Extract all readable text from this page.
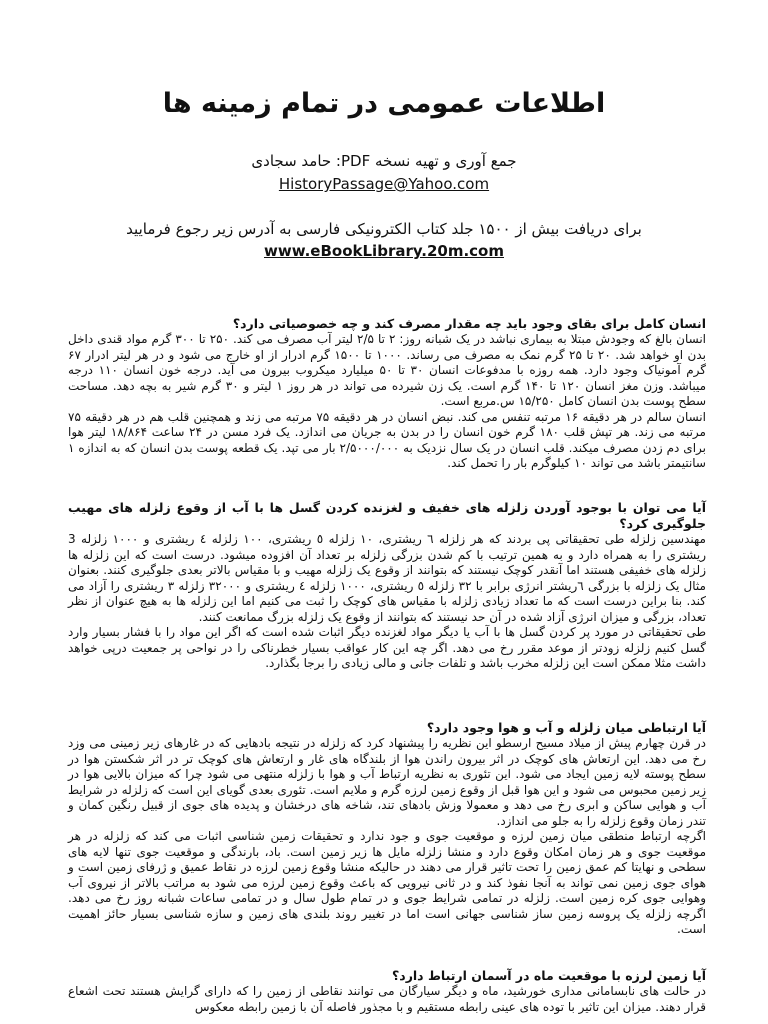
اطلاعات عمومی در تمام زمینه ها
جمع آوری و تهیه نسخه PDF: حامد سجادی
HistoryPassage@Yahoo.com
برای دریافت بیش از ۱۵۰۰ جلد کتاب الکترونیکی فارسی به آدرس زیر رجوع فرمایید
www.eBookLibrary.20m.com

انسان کامل برای بقای وجود باید چه مقدار مصرف کند و چه خصوصیاتی دارد؟

انسان بالغ که وجودش مبتلا به بیماری نباشد در یک شبانه روز: ۲ تا ۲/۵ لیتر آب مصرف می کند. ۲۵۰ تا ۳۰۰ گرم مواد قندی داخل بدن او خواهد شد. ۲۰ تا ۲۵ گرم نمک به مصرف می رساند. ۱۰۰۰ تا ۱۵۰۰ گرم ادرار از او خارج می شود و در هر لیتر ادرار ۶۷ گرم آمونیاک وجود دارد. همه روزه با مدفوعات انسان ۳۰ تا ۵۰ میلیارد میکروب بیرون می آید. درجه خون انسان ۱۱۰ درجه میباشد. وزن مغز انسان ۱۲۰ تا ۱۴۰ گرم است. یک زن شیرده می تواند در هر روز ۱ لیتر و ۳۰ گرم شیر به بچه دهد. مساحت سطح پوست بدن انسان کامل ۱۵/۲۵۰ س.مربع است.

انسان سالم در هر دقیقه ۱۶ مرتبه تنفس می کند. نبض انسان در هر دقیقه ۷۵ مرتبه می زند و همچنین قلب هم در هر دقیقه ۷۵ مرتبه می زند. هر تپش قلب ۱۸۰ گرم خون انسان را در بدن به جریان می اندازد. یک فرد مسن در ۲۴ ساعت ۱۸/۸۶۴ لیتر هوا برای دم زدن مصرف میکند. قلب انسان در یک سال نزدیک به ۲/۵۰۰۰/۰۰۰ بار می تپد. یک قطعه پوست بدن انسان که به اندازه ۱ سانتیمتر باشد می تواند ۱۰ کیلوگرم بار را تحمل کند.

آیا می توان با بوجود آوردن زلزله های خفیف و لغزنده کردن گسل ها با آب از وقوع زلزله های مهیب جلوگیری کرد؟

مهندسین زلزله طی تحقیقاتی پی بردند که هر زلزله ٦ ریشتری، ۱۰ زلزله ٥ ریشتری، ۱۰۰ زلزله ٤ ریشتری و ۱۰۰۰ زلزله 3 ریشتری را به همراه دارد و به همین ترتیب با کم شدن بزرگی زلزله بر تعداد آن افزوده میشود. درست است که این زلزله ها زلزله های خفیفی هستند اما آنقدر کوچک نیستند که بتوانند از وقوع یک زلزله مهیب و با مقیاس بالاتر بعدی جلوگیری کنند. بعنوان مثال یک زلزله با بزرگی ٦ریشتر انرژی برابر با ٣٢ زلزله ٥ ریشتری، ۱۰۰۰ زلزله ٤ ریشتری و ٣٢۰۰۰ زلزله ٣ ریشتری را آزاد می کند. بنا براین درست است که ما تعداد زیادی زلزله با مقیاس های کوچک را ثبت می کنیم اما این زلزله ها به هیچ عنوان از نظر تعداد، بزرگی و میزان انرژی آزاد شده در آن حد نیستند که بتوانند از وقوع یک زلزله بزرگ ممانعت کنند.

طی تحقیقاتی در مورد پر کردن گسل ها با آب یا دیگر مواد لغزنده دیگر اثبات شده است که اگر این مواد را با فشار بسیار وارد گسل کنیم زلزله زودتر از موعد مقرر رخ می دهد. اگر چه این کار عواقب بسیار خطرناکی را در نواحی پر جمعیت درپی خواهد داشت مثلا ممکن است این زلزله مخرب باشد و تلفات جانی و مالی زیادی را برجا بگذارد.

آیا ارتباطی میان زلزله و آب و هوا وجود دارد؟

در قرن چهارم پیش از میلاد مسیح ارسطو این نظریه را پیشنهاد کرد که زلزله در نتیجه بادهایی که در غارهای زیر زمینی می وزد رخ می دهد. این ارتعاش های کوچک در اثر بیرون راندن هوا از بلندگاه های غار و ارتعاش های کوچک تر در اثر شکستن هوا در سطح پوسته لایه زمین ایجاد می شود. این تئوری به نظریه ارتباط آب و هوا با زلزله منتهی می شود چرا که میزان بالایی هوا در زیر زمین محبوس می شود و این هوا قبل از وقوع زمین لرزه گرم و ملایم است. تئوری بعدی گویای این است که زلزله در شرایط آب و هوایی ساکن و ابری رخ می دهد و معمولا وزش بادهای تند، شاخه های درخشان و پدیده های جوی از قبیل رنگین کمان و تندر زمان وقوع زلزله را به جلو می اندازد.

اگرچه ارتباط منطقی میان زمین لرزه و موقعیت جوی و جود ندارد و تحقیقات زمین شناسی اثبات می کند که زلزله در هر موقعیت جوی و هر زمان امکان وقوع دارد و منشا زلزله مایل ها زیر زمین است. باد، بارندگی و موقعیت جوی تنها لایه های سطحی و نهایتا کم عمق زمین را تحت تاثیر قرار می دهند در حالیکه منشا وقوع زمین لرزه در نقاط عمیق و ژرفای زمین است و هوای جوی زمین نمی تواند به آنجا نفوذ کند و در ثانی نیرویی که باعث وقوع زمین لرزه می شود به مراتب بالاتر از نیروی آب وهوایی جوی کره زمین است. زلزله در تمامی شرایط جوی و در تمام طول سال و در تمامی ساعات شبانه روز رخ می دهد. اگرچه زلزله یک پروسه زمین ساز شناسی جهانی است اما در تغییر روند بلندی های زمین و سازه شناسی بسیار حائز اهمیت است.

آیا زمین لرزه با موقعیت ماه در آسمان ارتباط دارد؟

در حالت های نابسامانی مداری خورشید، ماه و دیگر سیارگان می توانند نقاطی از زمین را که دارای گرایش هستند تحت اشعاع قرار دهند. میزان این تاثیر با توده های عینی رابطه مستقیم و با مجذور فاصله آن با زمین رابطه معکوس
